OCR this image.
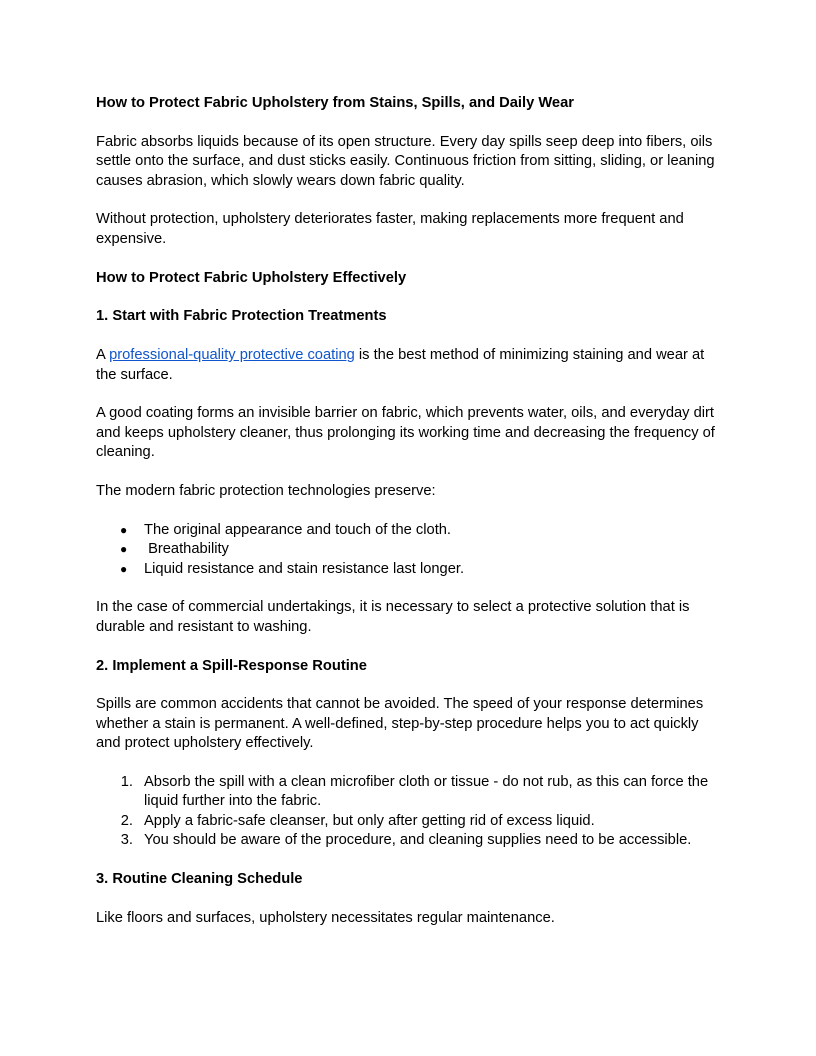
How to Protect Fabric Upholstery from Stains, Spills, and Daily Wear

Fabric absorbs liquids because of its open structure. Every day spills seep deep into fibers, oils settle onto the surface, and dust sticks easily. Continuous friction from sitting, sliding, or leaning causes abrasion, which slowly wears down fabric quality.

Without protection, upholstery deteriorates faster, making replacements more frequent and expensive.

How to Protect Fabric Upholstery Effectively

1. Start with Fabric Protection Treatments

A professional-quality protective coating is the best method of minimizing staining and wear at the surface.

A good coating forms an invisible barrier on fabric, which prevents water, oils, and everyday dirt and keeps upholstery cleaner, thus prolonging its working time and decreasing the frequency of cleaning.

The modern fabric protection technologies preserve:

● The original appearance and touch of the cloth.
● Breathability
● Liquid resistance and stain resistance last longer.

In the case of commercial undertakings, it is necessary to select a protective solution that is durable and resistant to washing.

2. Implement a Spill-Response Routine

Spills are common accidents that cannot be avoided. The speed of your response determines whether a stain is permanent. A well-defined, step-by-step procedure helps you to act quickly and protect upholstery effectively.

1. Absorb the spill with a clean microfiber cloth or tissue - do not rub, as this can force the liquid further into the fabric.
2. Apply a fabric-safe cleanser, but only after getting rid of excess liquid.
3. You should be aware of the procedure, and cleaning supplies need to be accessible.

3. Routine Cleaning Schedule

Like floors and surfaces, upholstery necessitates regular maintenance.
